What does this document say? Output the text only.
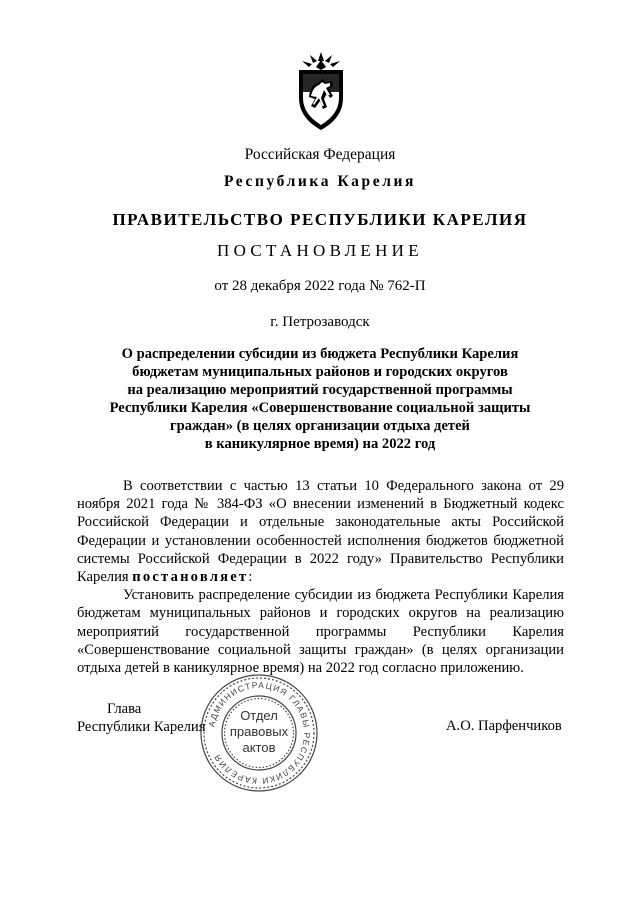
Российская Федерация
Республика Карелия
ПРАВИТЕЛЬСТВО РЕСПУБЛИКИ КАРЕЛИЯ
ПОСТАНОВЛЕНИЕ
от 28 декабря 2022 года № 762-П
г. Петрозаводск
О распределении субсидии из бюджета Республики Карелия
бюджетам муниципальных районов и городских округов
на реализацию мероприятий государственной программы
Республики Карелия «Совершенствование социальной защиты
граждан» (в целях организации отдыха детей
в каникулярное время) на 2022 год

В соответствии с частью 13 статьи 10 Федерального закона от 29 ноября 2021 года № 384-ФЗ «О внесении изменений в Бюджетный кодекс Российской Федерации и отдельные законодательные акты Российской Федерации и установлении особенностей исполнения бюджетов бюджетной системы Российской Федерации в 2022 году» Правительство Республики Карелия постановляет:

Установить распределение субсидии из бюджета Республики Карелия бюджетам муниципальных районов и городских округов на реализацию мероприятий государственной программы Республики Карелия «Совершенствование социальной защиты граждан» (в целях организации отдыха детей в каникулярное время) на 2022 год согласно приложению.

Глава
Республики Карелия АДМИНИСТРАЦИЯ ГЛАВЫ РЕСПУБЛИКИ КАРЕЛИЯ
Отдел
правовых
актов
А.О. Парфенчиков
